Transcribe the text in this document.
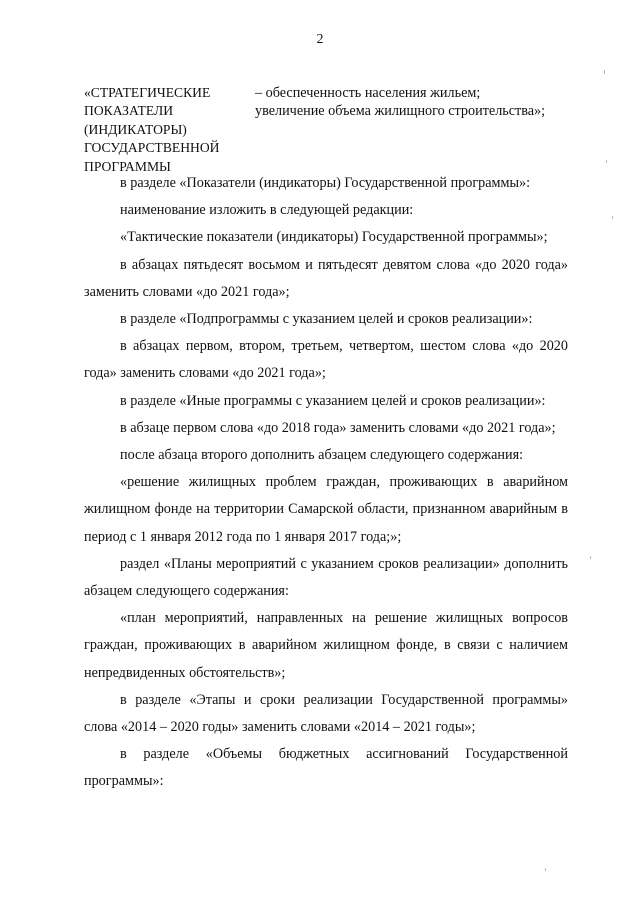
2
«СТРАТЕГИЧЕСКИЕ
ПОКАЗАТЕЛИ
(ИНДИКАТОРЫ)
ГОСУДАРСТВЕННОЙ
ПРОГРАММЫ
– обеспеченность населения жильем;
увеличение объема жилищного строительства»;

в разделе «Показатели (индикаторы) Государственной программы»:

наименование изложить в следующей редакции:

«Тактические показатели (индикаторы) Государственной программы»;

в абзацах пятьдесят восьмом и пятьдесят девятом слова «до 2020 года» заменить словами «до 2021 года»;

в разделе «Подпрограммы с указанием целей и сроков реализации»:

в абзацах первом, втором, третьем, четвертом, шестом слова «до 2020 года» заменить словами «до 2021 года»;

в разделе «Иные программы с указанием целей и сроков реализации»:

в абзаце первом слова «до 2018 года» заменить словами «до 2021 года»;

после абзаца второго дополнить абзацем следующего содержания:

«решение жилищных проблем граждан, проживающих в аварийном жилищном фонде на территории Самарской области, признанном аварийным в период с 1 января 2012 года по 1 января 2017 года;»;

раздел «Планы мероприятий с указанием сроков реализации» дополнить абзацем следующего содержания:

«план мероприятий, направленных на решение жилищных вопросов граждан, проживающих в аварийном жилищном фонде, в связи с наличием непредвиденных обстоятельств»;

в разделе «Этапы и сроки реализации Государственной программы» слова «2014 – 2020 годы» заменить словами «2014 – 2021 годы»;

в разделе «Объемы бюджетных ассигнований Государственной программы»:
